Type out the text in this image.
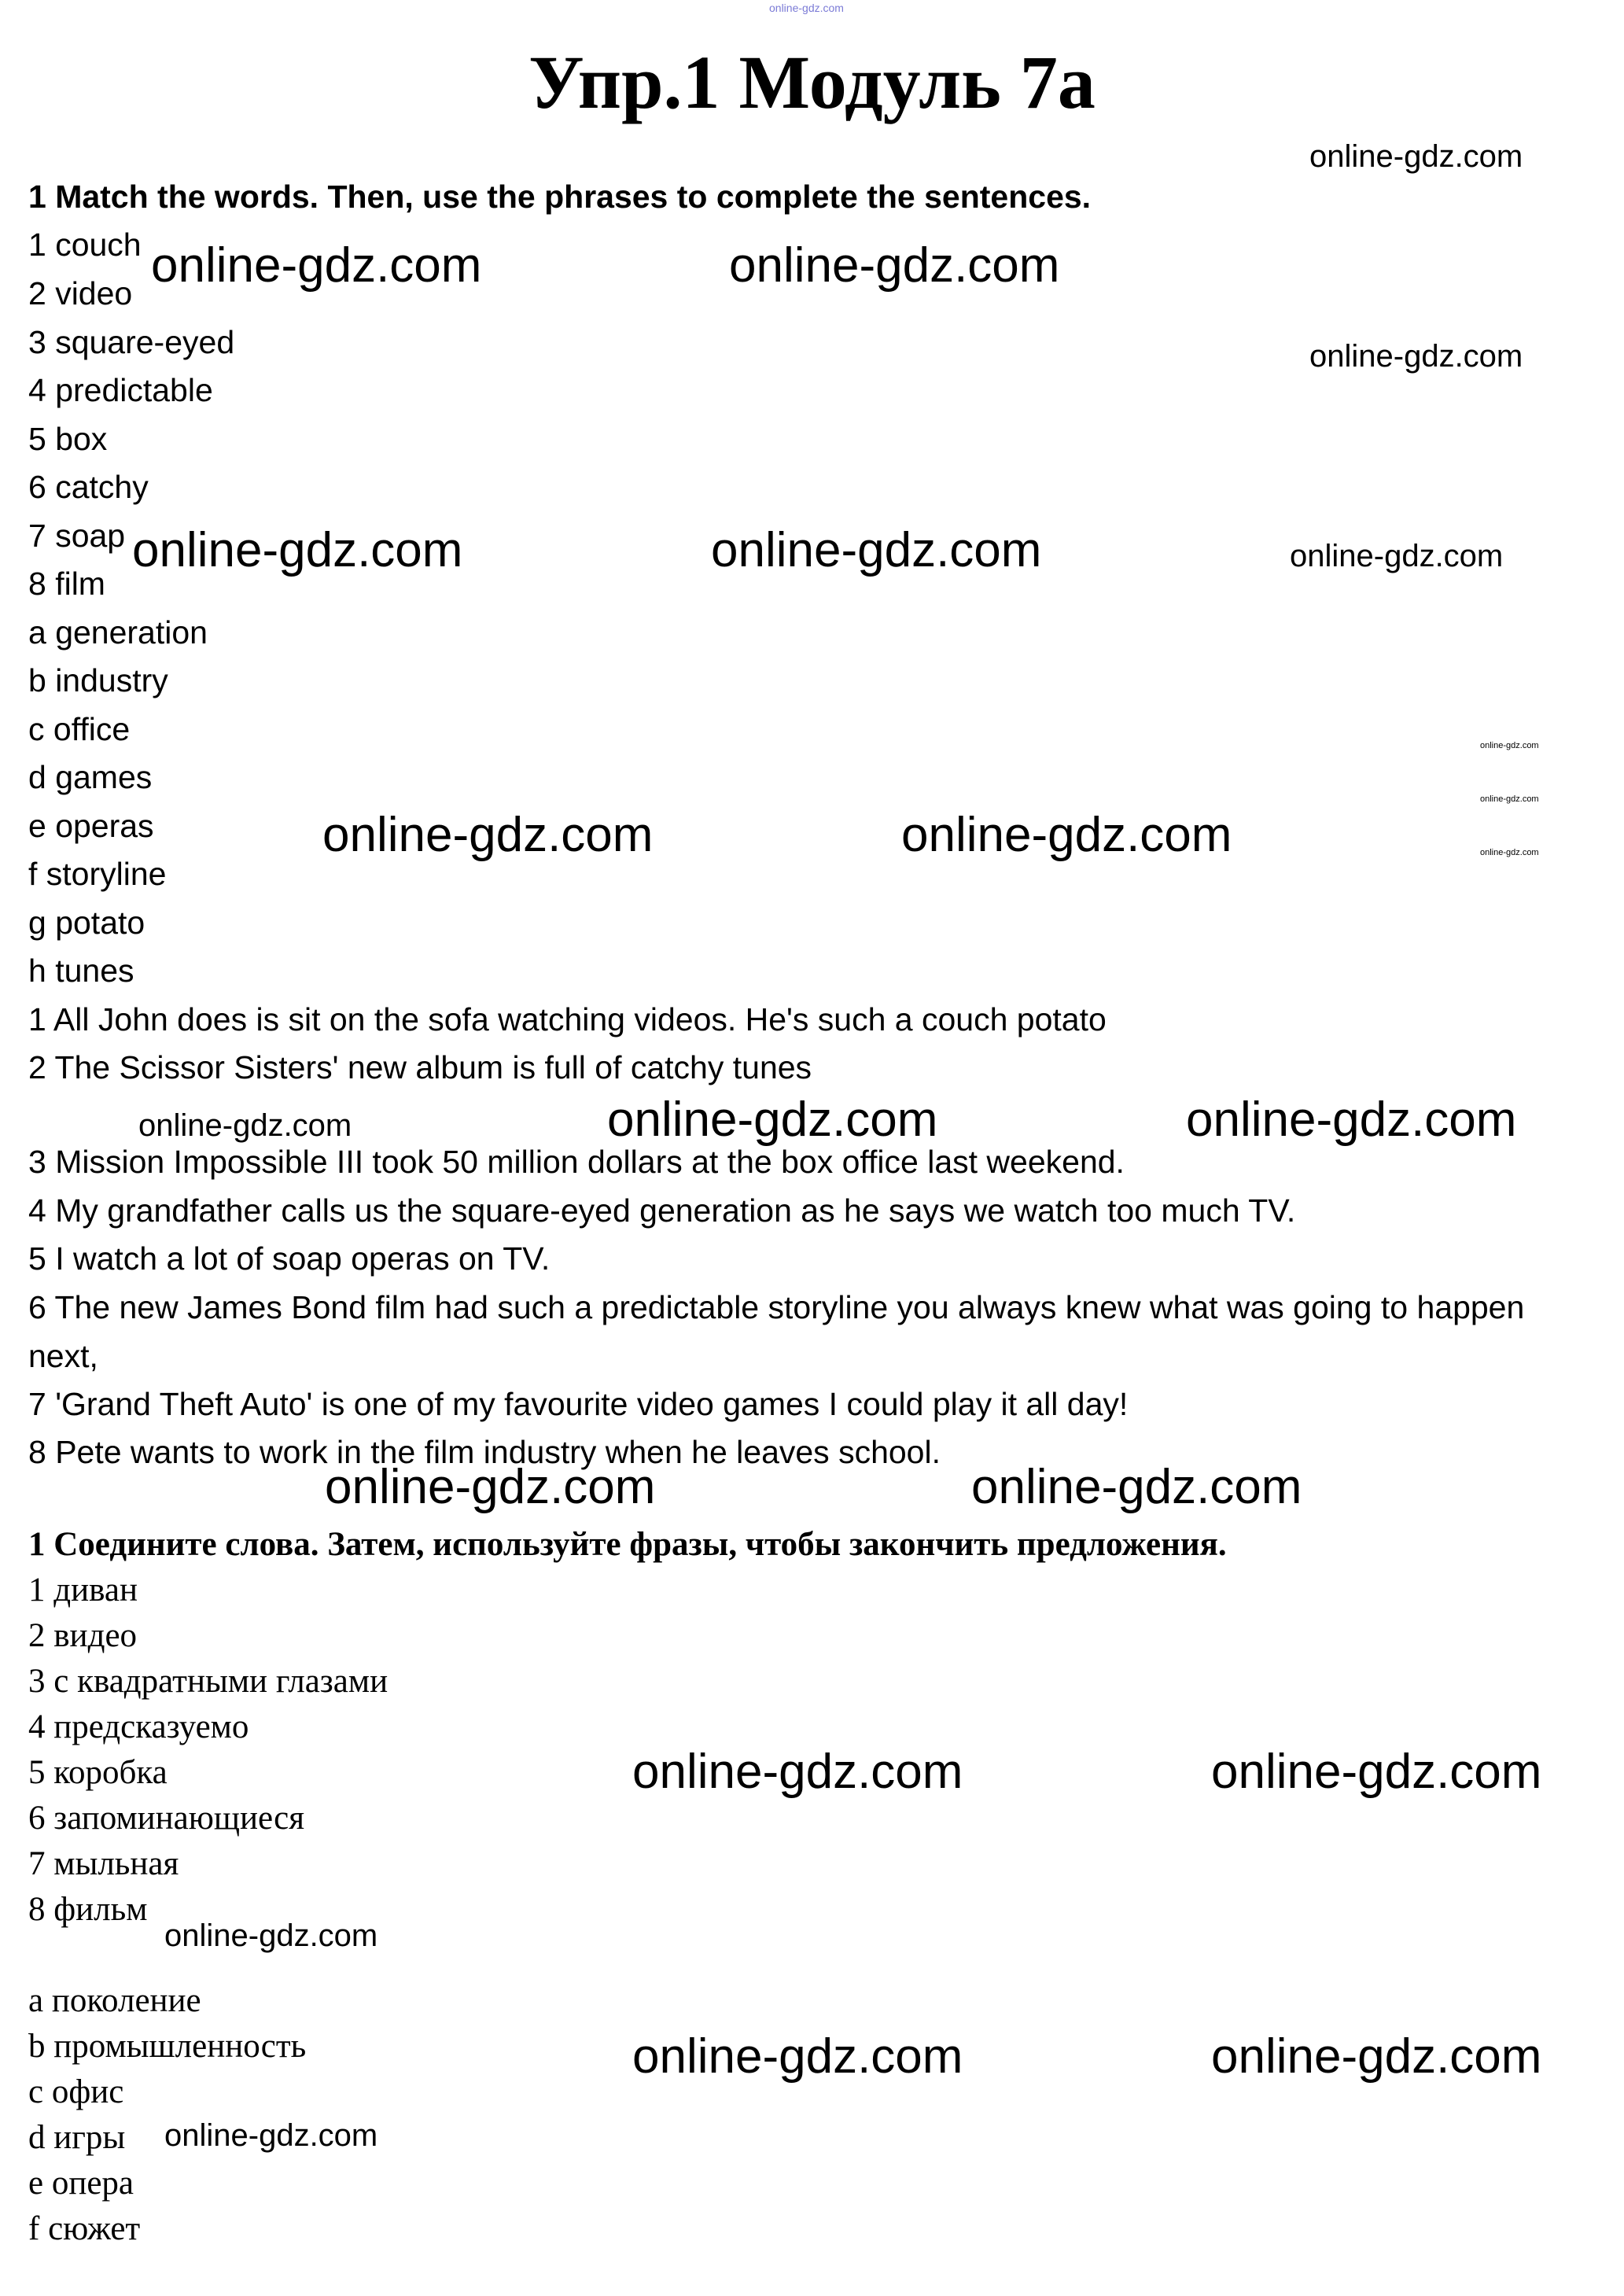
online-gdz.com
Упр.1 Модуль 7a
1 Match the words. Then, use the phrases to complete the sentences.
1 couch
2 video
3 square-eyed
4 predictable
5 box
6 catchy
7 soap
8 film
a generation
b industry
c office
d games
e operas
f storyline
g potato
h tunes
1 All John does is sit on the sofa watching videos. He's such a couch potato
2 The Scissor Sisters' new album is full of catchy tunes
3 Mission Impossible III took 50 million dollars at the box office last weekend.
4 My grandfather calls us the square-eyed generation as he says we watch too much TV.
5 I watch a lot of soap operas on TV.
6 The new James Bond film had such a predictable storyline you always knew what was going to happen next,
7 'Grand Theft Auto' is one of my favourite video games I could play it all day!
8 Pete wants to work in the film industry when he leaves school.
1 Соедините слова. Затем, используйте фразы, чтобы закончить предложения.
1 диван
2 видео
3 с квадратными глазами
4 предсказуемо
5 коробка
6 запоминающиеся
7 мыльная
8 фильм
a поколение
b промышленность
c офис
d игры
e опера
f сюжет
online-gdz.com
online-gdz.com	online-gdz.com
online-gdz.com
online-gdz.com	online-gdz.com	online-gdz.com
online-gdz.com
online-gdz.com
online-gdz.com
online-gdz.com	online-gdz.com
online-gdz.com	online-gdz.com	online-gdz.com
online-gdz.com	online-gdz.com
online-gdz.com	online-gdz.com
online-gdz.com
online-gdz.com	online-gdz.com
online-gdz.com
